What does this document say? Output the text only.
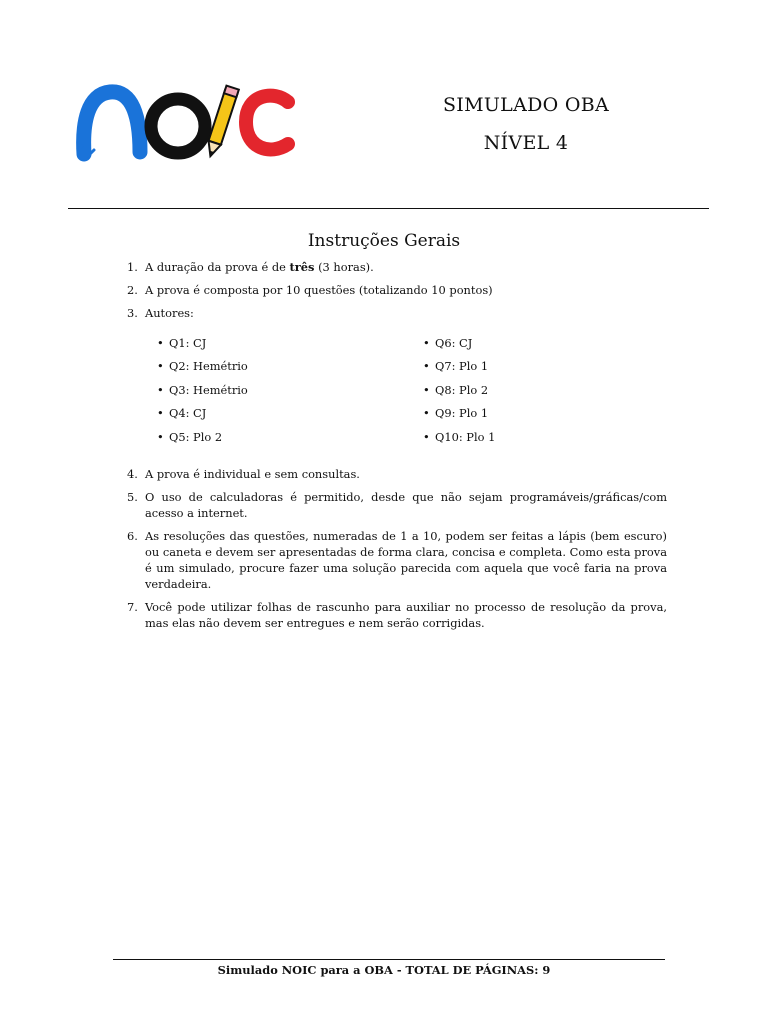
SIMULADO OBA
NÍVEL 4
Instruções Gerais
1. A duração da prova é de três (3 horas).
2. A prova é composta por 10 questões (totalizando 10 pontos)
3. Autores:
• Q1: CJ	• Q6: CJ
• Q2: Hemétrio	• Q7: Plo 1
• Q3: Hemétrio	• Q8: Plo 2
• Q4: CJ	• Q9: Plo 1
• Q5: Plo 2	• Q10: Plo 1
4. A prova é individual e sem consultas.
5. O uso de calculadoras é permitido, desde que não sejam programáveis/gráficas/com acesso a internet.
6. As resoluções das questões, numeradas de 1 a 10, podem ser feitas a lápis (bem escuro) ou caneta e devem ser apresentadas de forma clara, concisa e completa. Como esta prova é um simulado, procure fazer uma solução parecida com aquela que você faria na prova verdadeira.
7. Você pode utilizar folhas de rascunho para auxiliar no processo de resolução da prova, mas elas não devem ser entregues e nem serão corrigidas.
Simulado NOIC para a OBA - TOTAL DE PÁGINAS: 9
